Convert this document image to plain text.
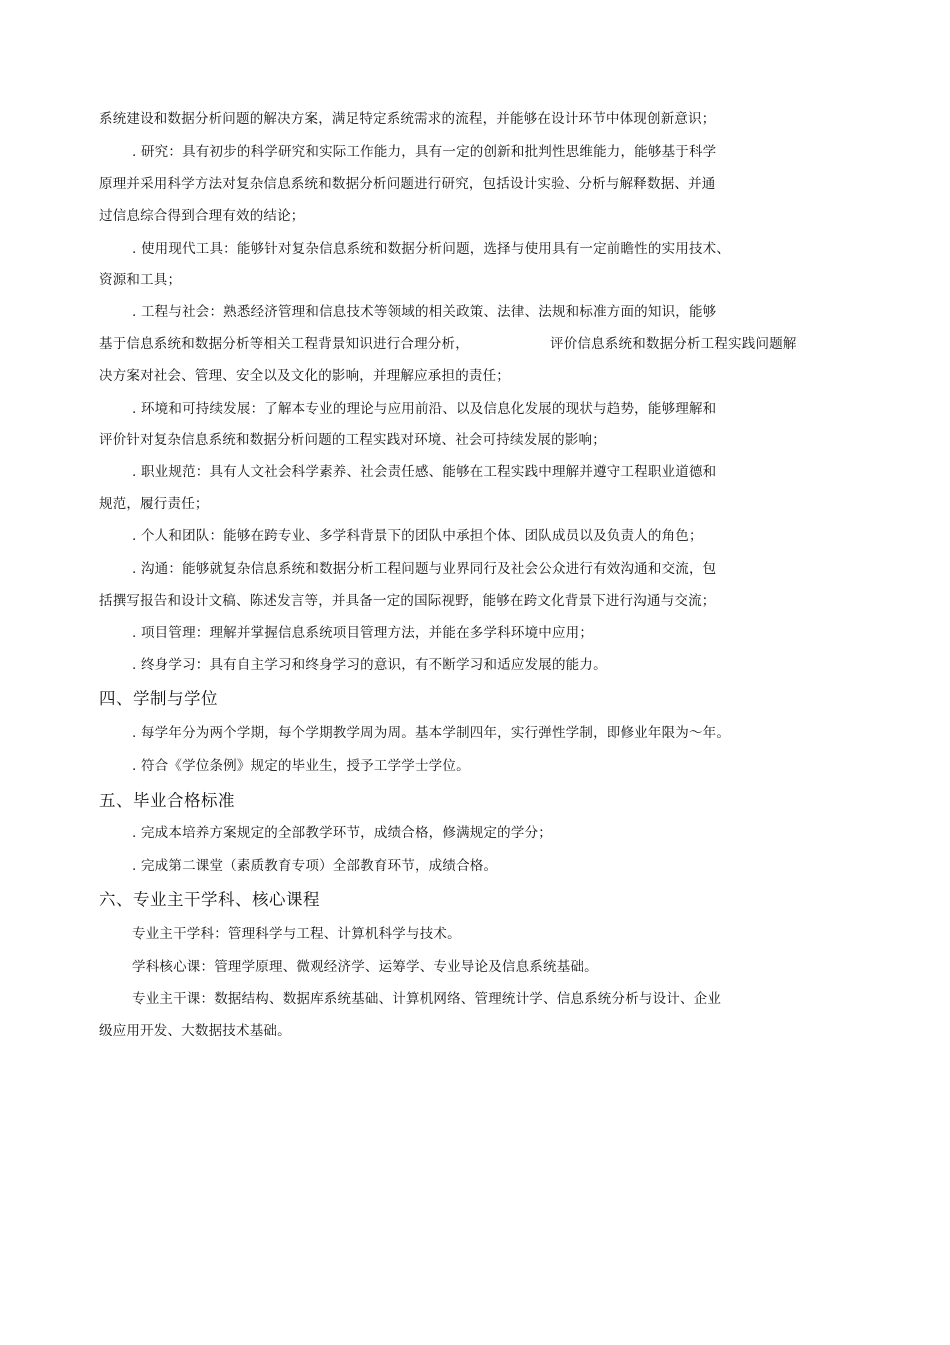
系统建设和数据分析问题的解决方案，满足特定系统需求的流程，并能够在设计环节中体现创新意识；
. 研究：具有初步的科学研究和实际工作能力，具有一定的创新和批判性思维能力，能够基于科学
原理并采用科学方法对复杂信息系统和数据分析问题进行研究，包括设计实验、分析与解释数据、并通
过信息综合得到合理有效的结论；
. 使用现代工具：能够针对复杂信息系统和数据分析问题，选择与使用具有一定前瞻性的实用技术、
资源和工具；
. 工程与社会：熟悉经济管理和信息技术等领域的相关政策、法律、法规和标准方面的知识，能够
基于信息系统和数据分析等相关工程背景知识进行合理分析，	评价信息系统和数据分析工程实践问题解
决方案对社会、管理、安全以及文化的影响，并理解应承担的责任；
. 环境和可持续发展：了解本专业的理论与应用前沿、以及信息化发展的现状与趋势，能够理解和
评价针对复杂信息系统和数据分析问题的工程实践对环境、社会可持续发展的影响；
. 职业规范：具有人文社会科学素养、社会责任感、能够在工程实践中理解并遵守工程职业道德和
规范，履行责任；
. 个人和团队：能够在跨专业、多学科背景下的团队中承担个体、团队成员以及负责人的角色；
. 沟通：能够就复杂信息系统和数据分析工程问题与业界同行及社会公众进行有效沟通和交流，包
括撰写报告和设计文稿、陈述发言等，并具备一定的国际视野，能够在跨文化背景下进行沟通与交流；
. 项目管理：理解并掌握信息系统项目管理方法，并能在多学科环境中应用；
. 终身学习：具有自主学习和终身学习的意识，有不断学习和适应发展的能力。
四、学制与学位
. 每学年分为两个学期，每个学期教学周为周。基本学制四年，实行弹性学制，即修业年限为～年。
. 符合《学位条例》规定的毕业生，授予工学学士学位。
五、毕业合格标准
. 完成本培养方案规定的全部教学环节，成绩合格，修满规定的学分；
. 完成第二课堂（素质教育专项）全部教育环节，成绩合格。
六、专业主干学科、核心课程
专业主干学科：管理科学与工程、计算机科学与技术。
学科核心课：管理学原理、微观经济学、运筹学、专业导论及信息系统基础。
专业主干课：数据结构、数据库系统基础、计算机网络、管理统计学、信息系统分析与设计、企业
级应用开发、大数据技术基础。
